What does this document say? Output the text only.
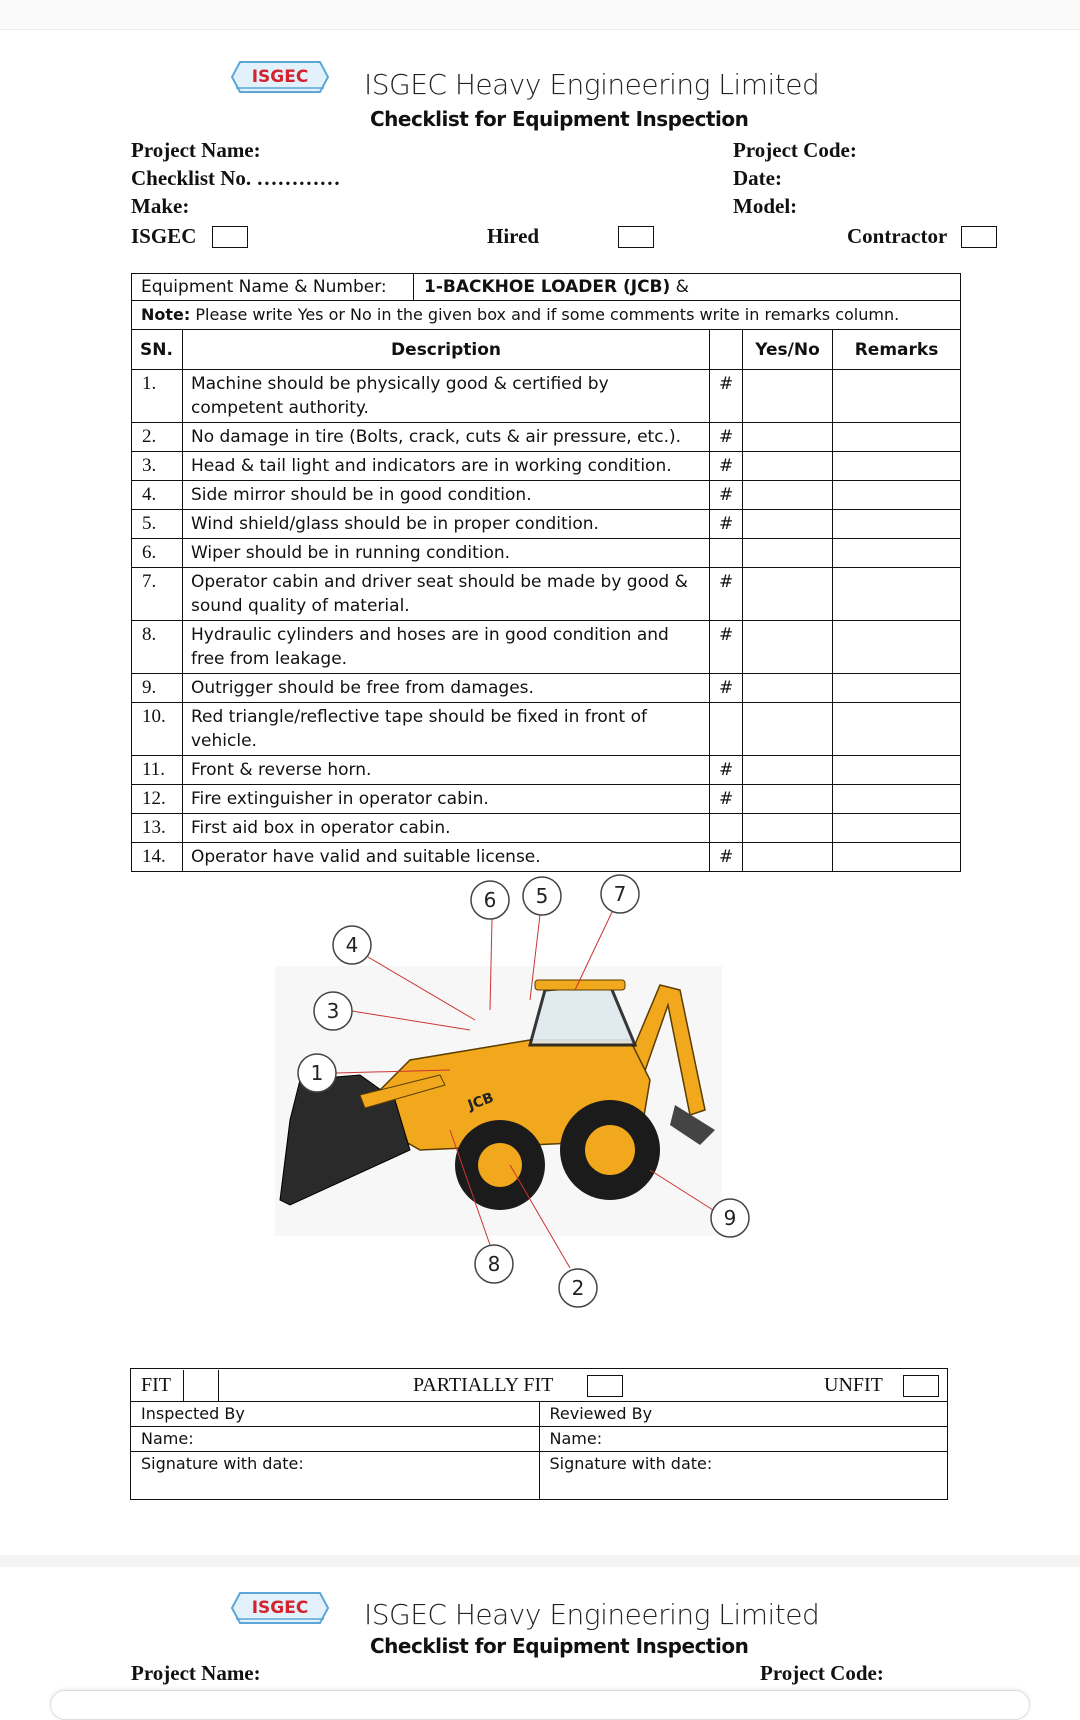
ISGEC ISGEC Heavy Engineering Limited
Checklist for Equipment Inspection
Project Name:
Checklist No. …………
Make:
Project Code:
Date:
Model:
ISGEC	Hired	Contractor
Equipment Name & Number: 1-BACKHOE LOADER (JCB) &				

Note: Please write Yes or No in the given box and if some comments write in remarks column.				
SN.	Description		Yes/No	Remarks
1.	Machine should be physically good & certified by competent authority.	#		
2.	No damage in tire (Bolts, crack, cuts & air pressure, etc.).	#		
3.	Head & tail light and indicators are in working condition.	#		
4.	Side mirror should be in good condition.	#		
5.	Wind shield/glass should be in proper condition.	#		
6.	Wiper should be in running condition.			
7.	Operator cabin and driver seat should be made by good & sound quality of material.	#		
8.	Hydraulic cylinders and hoses are in good condition and free from leakage.	#		
9.	Outrigger should be free from damages.	#		
10.	Red triangle/reflective tape should be fixed in front of vehicle.			
11.	Front & reverse horn.	#		
12.	Fire extinguisher in operator cabin.	#		
13.	First aid box in operator cabin.			
14.	Operator have valid and suitable license.	#		
JCB
1
2
3
4
5
6	7
8
9
FIT PARTIALLY FIT UNFIT	

Inspected By	Reviewed By
Name:	Name:
Signature with date:	Signature with date:
ISGEC ISGEC Heavy Engineering Limited
Checklist for Equipment Inspection
Project Name:	Project Code:
